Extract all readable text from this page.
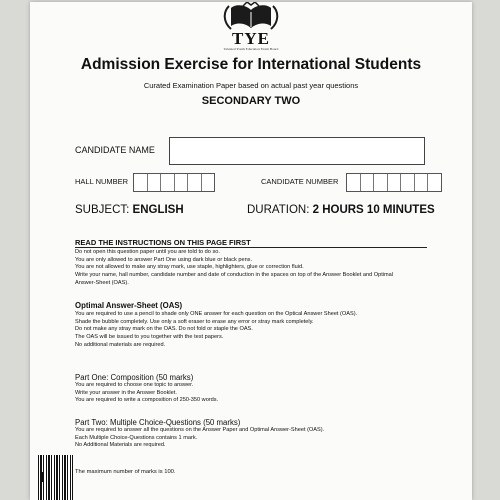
TYE
Talented Youth Education Exam Board
Admission Exercise for International Students
Curated Examination Paper based on actual past year questions
SECONDARY TWO
CANDIDATE NAME
HALL NUMBER	CANDIDATE NUMBER
SUBJECT: ENGLISH	DURATION: 2 HOURS 10 MINUTES
READ THE INSTRUCTIONS ON THIS PAGE FIRST
Do not open this question paper until you are told to do so.
You are only allowed to answer Part One using dark blue or black pens.
You are not allowed to make any stray mark, use staple, highlighters, glue or correction fluid.
Write your name, hall number, candidate number and date of conduction in the spaces on top of the Answer Booklet and Optimal
Answer-Sheet (OAS).
Optimal Answer-Sheet (OAS)
You are required to use a pencil to shade only ONE answer for each question on the Optical Answer Sheet (OAS).
Shade the bubble completely. Use only a soft eraser to erase any error or stray mark completely.
Do not make any stray mark on the OAS. Do not fold or staple the OAS.
The OAS will be issued to you together with the test papers.
No additional materials are required.
Part One: Composition (50 marks)
You are required to choose one topic to answer.
Write your answer in the Answer Booklet.
You are required to write a composition of 250-350 words.
Part Two: Multiple Choice-Questions (50 marks)
You are required to answer all the questions on the Answer Paper and Optimal Answer-Sheet (OAS).
Each Multiple Choice-Questions contains 1 mark.
No Additional Materials are required.
The maximum number of marks is 100.
